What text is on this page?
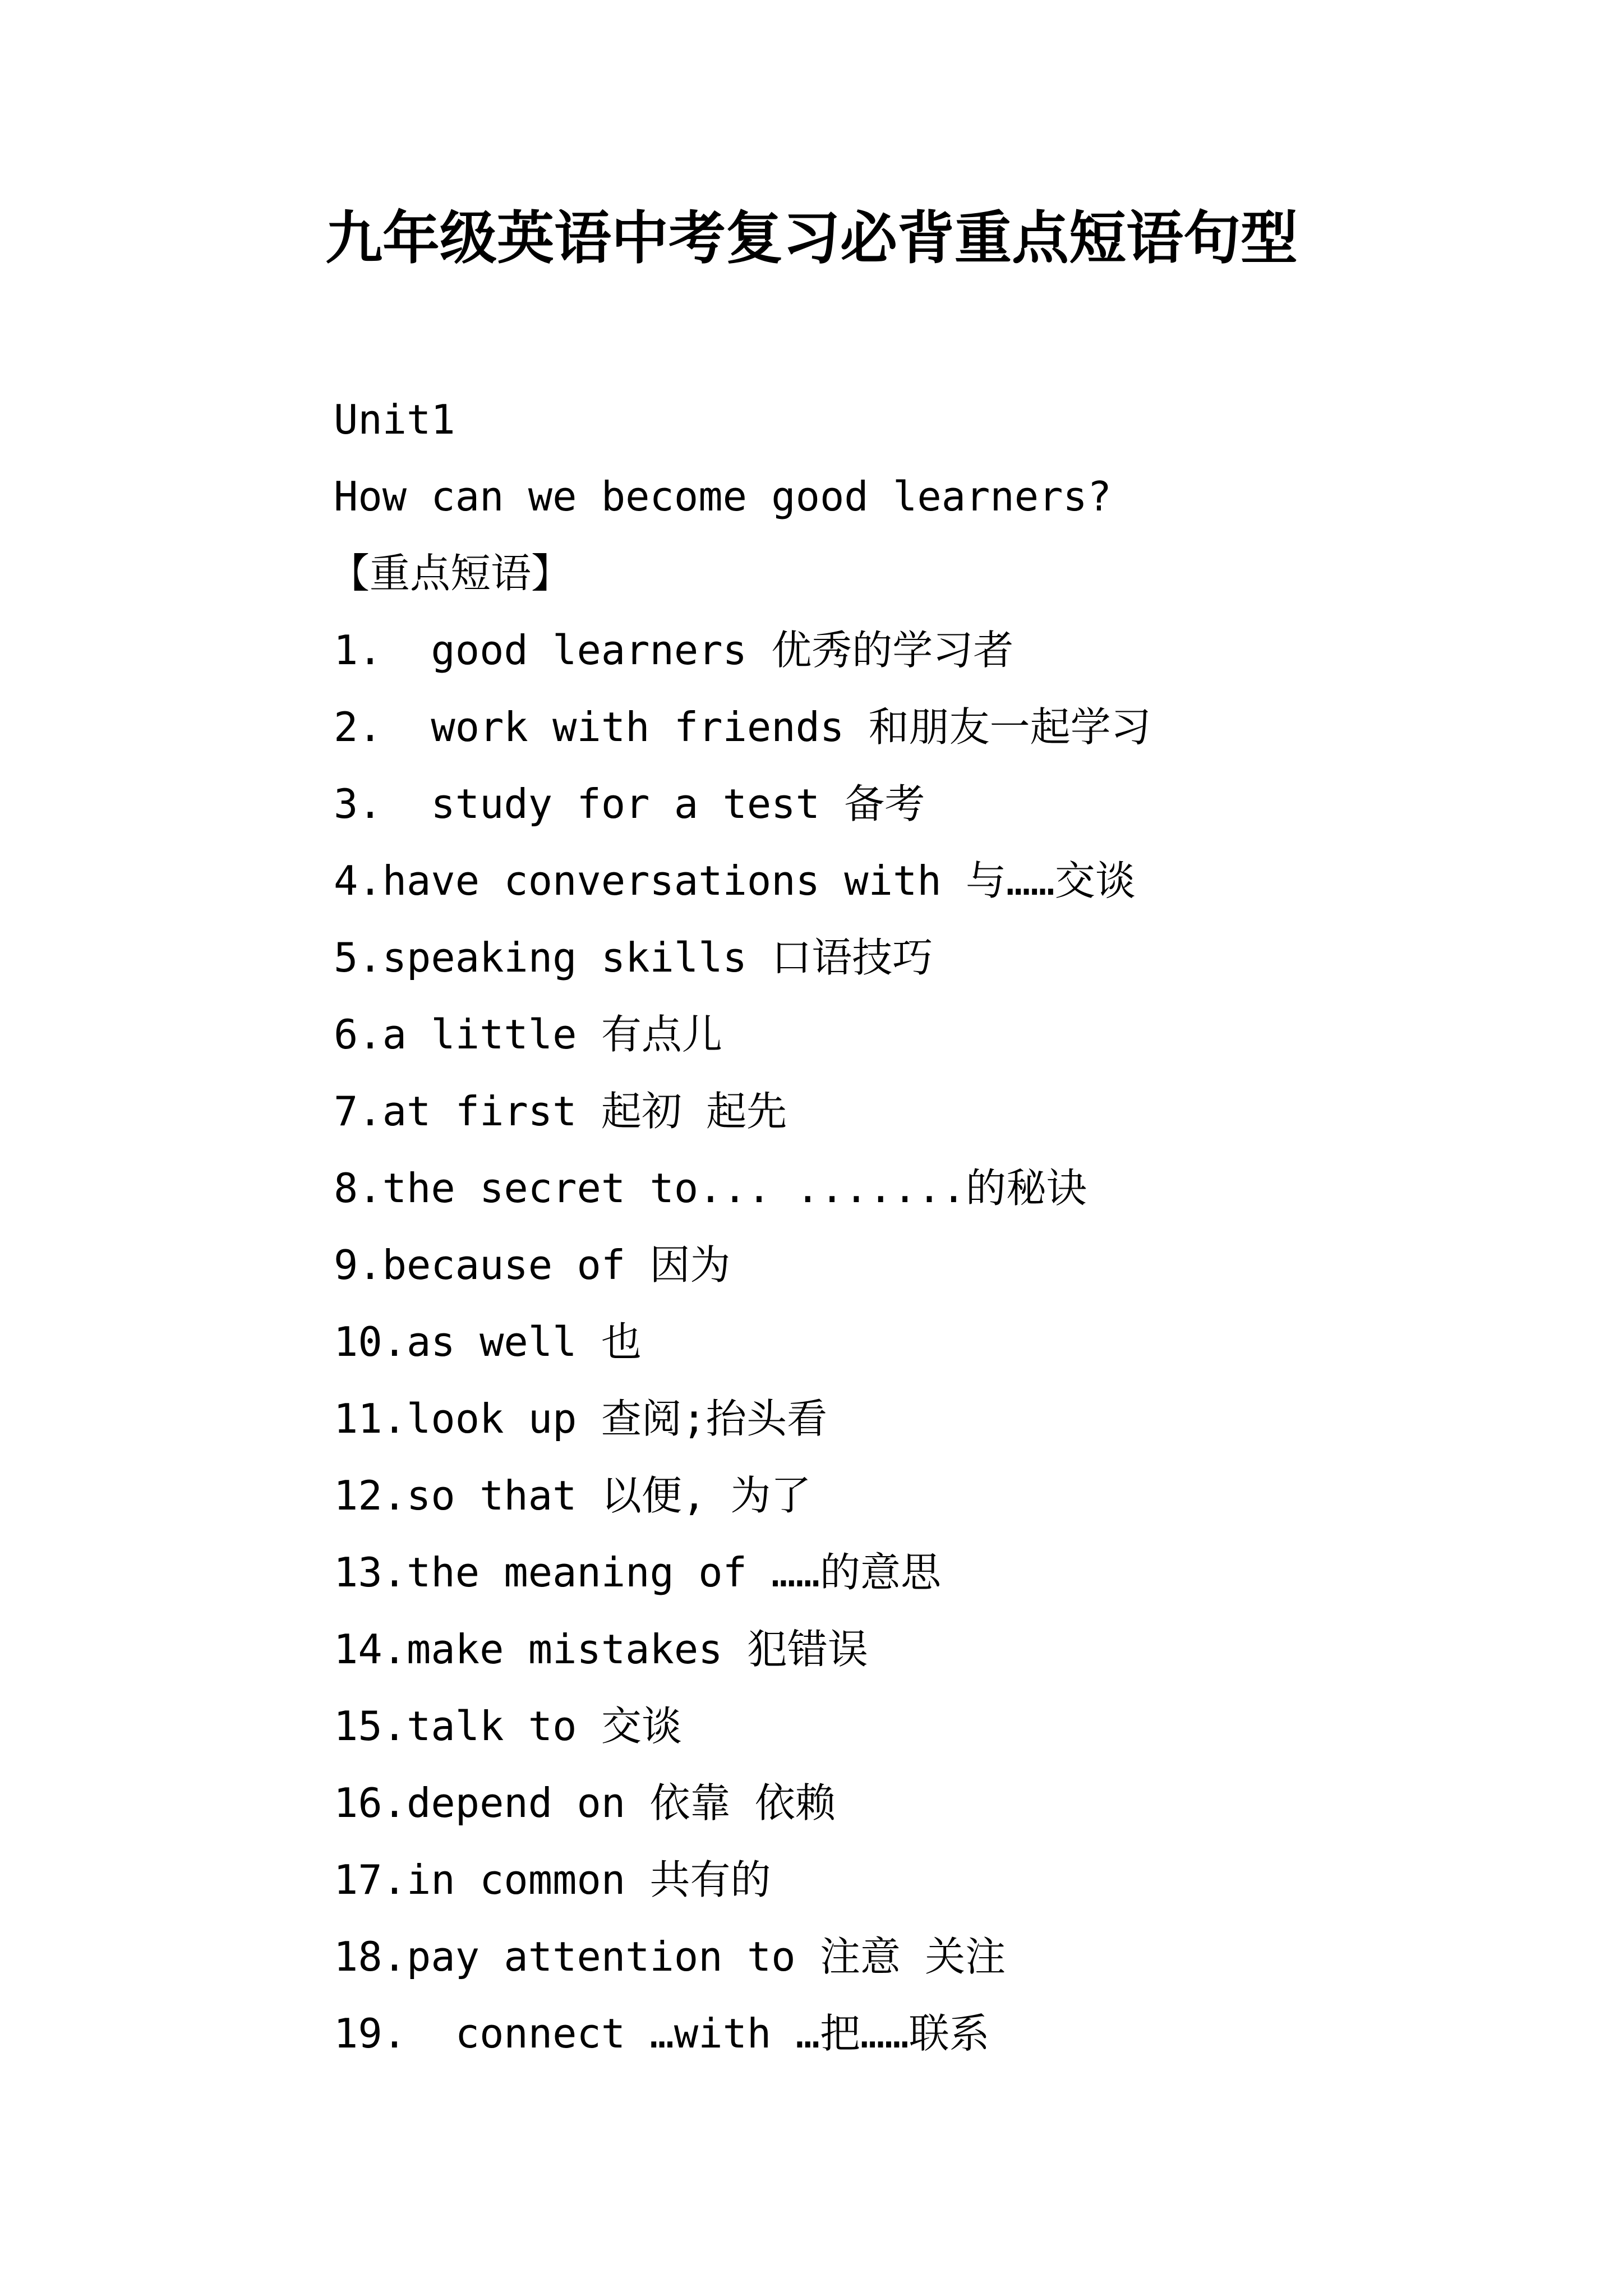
九年级英语中考复习必背重点短语句型

Unit1

How can we become good learners?

【重点短语】

1.  good learners 优秀的学习者

2.  work with friends 和朋友一起学习

3.  study for a test 备考

4.have conversations with 与……交谈

5.speaking skills 口语技巧

6.a little 有点儿

7.at first 起初 起先

8.the secret to... .......的秘诀

9.because of 因为

10.as well 也

11.look up 查阅;抬头看

12.so that 以便, 为了

13.the meaning of ……的意思

14.make mistakes 犯错误

15.talk to 交谈

16.depend on 依靠 依赖

17.in common 共有的

18.pay attention to 注意 关注

19.  connect …with …把……联系
